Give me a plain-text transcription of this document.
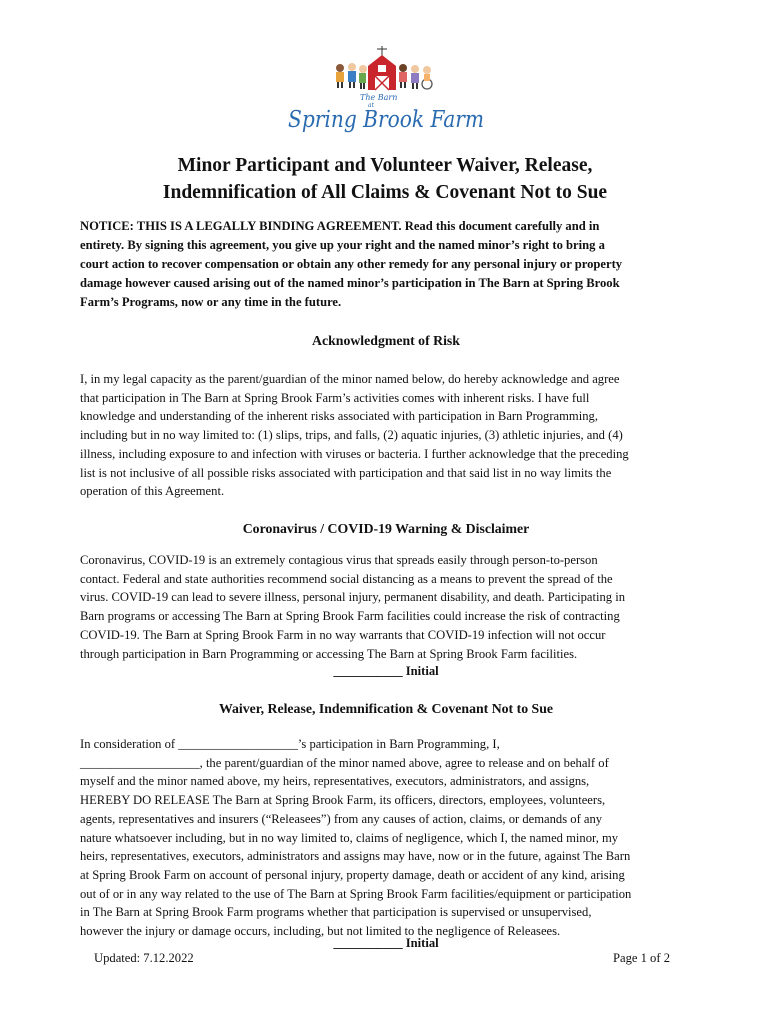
The Barn
at
Spring Brook Farm
Minor Participant and Volunteer Waiver, Release,
Indemnification of All Claims & Covenant Not to Sue
NOTICE: THIS IS A LEGALLY BINDING AGREEMENT. Read this document carefully and in
entirety. By signing this agreement, you give up your right and the named minor’s right to bring a
court action to recover compensation or obtain any other remedy for any personal injury or property
damage however caused arising out of the named minor’s participation in The Barn at Spring Brook
Farm’s Programs, now or any time in the future.
Acknowledgment of Risk
I, in my legal capacity as the parent/guardian of the minor named below, do hereby acknowledge and agree
that participation in The Barn at Spring Brook Farm’s activities comes with inherent risks. I have full
knowledge and understanding of the inherent risks associated with participation in Barn Programming,
including but in no way limited to: (1) slips, trips, and falls, (2) aquatic injuries, (3) athletic injuries, and (4)
illness, including exposure to and infection with viruses or bacteria. I further acknowledge that the preceding
list is not inclusive of all possible risks associated with participation and that said list in no way limits the
operation of this Agreement.
Coronavirus / COVID-19 Warning & Disclaimer
Coronavirus, COVID-19 is an extremely contagious virus that spreads easily through person-to-person
contact. Federal and state authorities recommend social distancing as a means to prevent the spread of the
virus. COVID-19 can lead to severe illness, personal injury, permanent disability, and death. Participating in
Barn programs or accessing The Barn at Spring Brook Farm facilities could increase the risk of contracting
COVID-19. The Barn at Spring Brook Farm in no way warrants that COVID-19 infection will not occur
through participation in Barn Programming or accessing The Barn at Spring Brook Farm facilities.
___________ Initial
Waiver, Release, Indemnification & Covenant Not to Sue
In consideration of ___________________’s participation in Barn Programming, I,
___________________, the parent/guardian of the minor named above, agree to release and on behalf of
myself and the minor named above, my heirs, representatives, executors, administrators, and assigns,
HEREBY DO RELEASE The Barn at Spring Brook Farm, its officers, directors, employees, volunteers,
agents, representatives and insurers (“Releasees”) from any causes of action, claims, or demands of any
nature whatsoever including, but in no way limited to, claims of negligence, which I, the named minor, my
heirs, representatives, executors, administrators and assigns may have, now or in the future, against The Barn
at Spring Brook Farm on account of personal injury, property damage, death or accident of any kind, arising
out of or in any way related to the use of The Barn at Spring Brook Farm facilities/equipment or participation
in The Barn at Spring Brook Farm programs whether that participation is supervised or unsupervised,
however the injury or damage occurs, including, but not limited to the negligence of Releasees.
___________ Initial
Updated: 7.12.2022	Page 1 of 2
